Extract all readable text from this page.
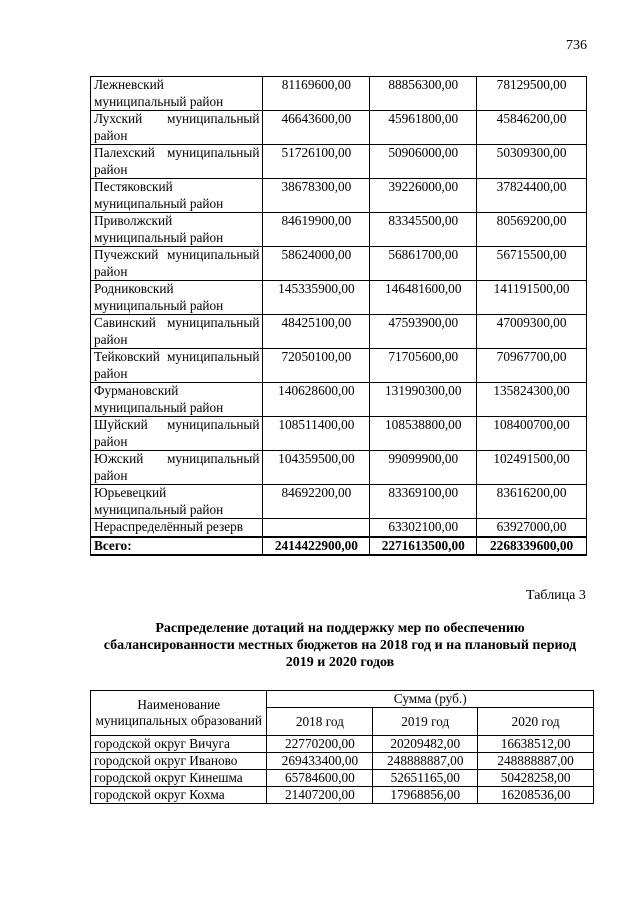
736
Лежневский муниципальный район	81169600,00	88856300,00	78129500,00
Лухский муниципальный район	46643600,00	45961800,00	45846200,00
Палехский муниципальный район	51726100,00	50906000,00	50309300,00
Пестяковский муниципальный район	38678300,00	39226000,00	37824400,00
Приволжский муниципальный район	84619900,00	83345500,00	80569200,00
Пучежский муниципальный район	58624000,00	56861700,00	56715500,00
Родниковский муниципальный район	145335900,00	146481600,00	141191500,00
Савинский муниципальный район	48425100,00	47593900,00	47009300,00
Тейковский муниципальный район	72050100,00	71705600,00	70967700,00
Фурмановский муниципальный район	140628600,00	131990300,00	135824300,00
Шуйский муниципальный район	108511400,00	108538800,00	108400700,00
Южский муниципальный район	104359500,00	99099900,00	102491500,00
Юрьевецкий муниципальный район	84692200,00	83369100,00	83616200,00
Нераспределённый резерв		63302100,00	63927000,00
Всего:	2414422900,00	2271613500,00	2268339600,00
Таблица 3
Распределение дотаций на поддержку мер по обеспечению сбалансированности местных бюджетов на 2018 год и на плановый период 2019 и 2020 годов
Наименование муниципальных образований	Сумма (руб.)		
	2018 год	2019 год	2020 год
городской округ Вичуга	22770200,00	20209482,00	16638512,00
городской округ Иваново	269433400,00	248888887,00	248888887,00
городской округ Кинешма	65784600,00	52651165,00	50428258,00
городской округ Кохма	21407200,00	17968856,00	16208536,00
